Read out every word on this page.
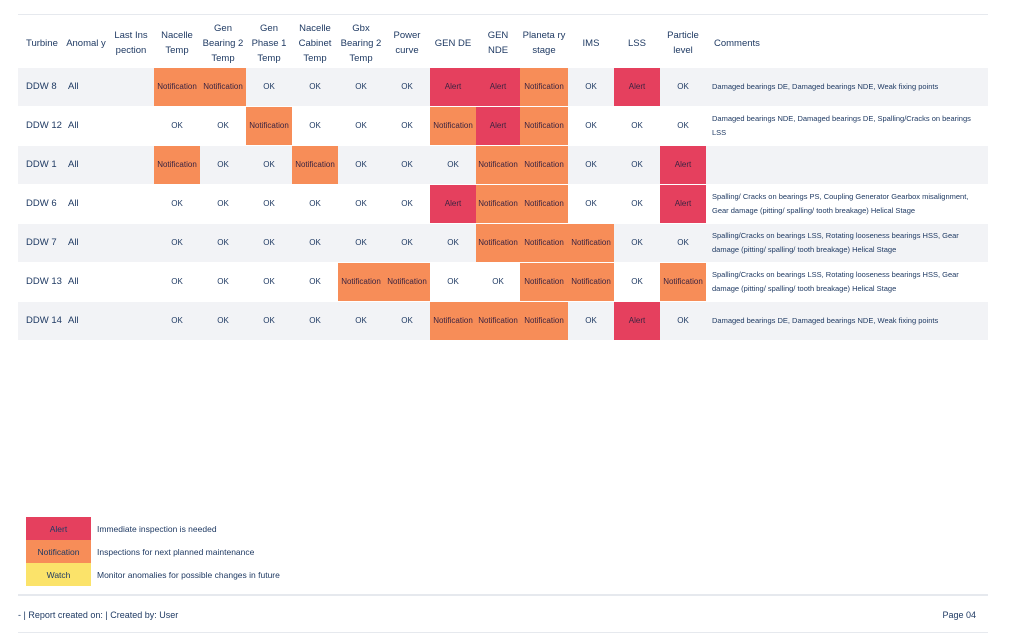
Turbine	Anomal y	Last Ins pection	Nacelle Temp	Gen Bearing 2 Temp	Gen Phase 1 Temp	Nacelle Cabinet Temp	Gbx Bearing 2 Temp	Power curve	GEN DE	GEN NDE	Planeta ry stage	IMS	LSS	Particle level	Comments
DDW 8	All		Notification	Notification	OK	OK	OK	OK	Alert	Alert	Notification	OK	Alert	OK	Damaged bearings DE, Damaged bearings NDE, Weak fixing points
DDW 12	All		OK	OK	Notification	OK	OK	OK	Notification	Alert	Notification	OK	OK	OK	Damaged bearings NDE, Damaged bearings DE, Spalling/Cracks on bearings LSS
DDW 1	All		Notification	OK	OK	Notification	OK	OK	OK	Notification	Notification	OK	OK	Alert	
DDW 6	All		OK	OK	OK	OK	OK	OK	Alert	Notification	Notification	OK	OK	Alert	Spalling/ Cracks on bearings PS, Coupling Generator Gearbox misalignment, Gear damage (pitting/ spalling/ tooth breakage) Helical Stage
DDW 7	All		OK	OK	OK	OK	OK	OK	OK	Notification	Notification	Notification	OK	OK	Spalling/Cracks on bearings LSS, Rotating looseness bearings HSS, Gear damage (pitting/ spalling/ tooth breakage) Helical Stage
DDW 13	All		OK	OK	OK	OK	Notification	Notification	OK	OK	Notification	Notification	OK	Notification	Spalling/Cracks on bearings LSS, Rotating looseness bearings HSS, Gear damage (pitting/ spalling/ tooth breakage) Helical Stage
DDW 14	All		OK	OK	OK	OK	OK	OK	Notification	Notification	Notification	OK	Alert	OK	Damaged bearings DE, Damaged bearings NDE, Weak fixing points
Alert	Immediate inspection is needed
Notification	Inspections for next planned maintenance
Watch	Monitor anomalies for possible changes in future
- | Report created on: | Created by: User	Page 04
